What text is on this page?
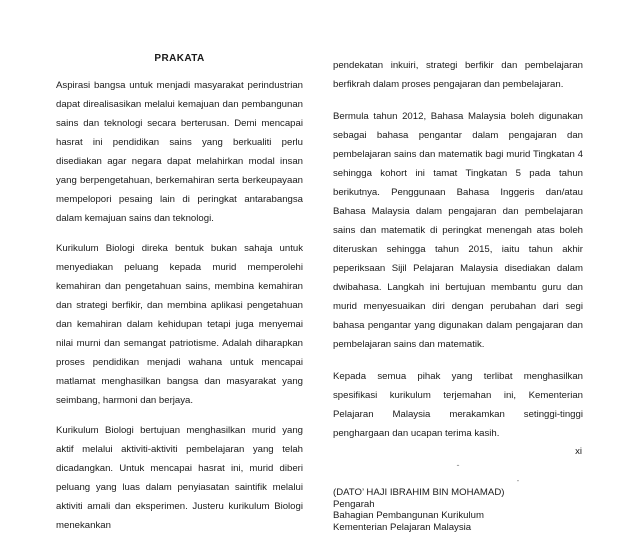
PRAKATA

Aspirasi bangsa untuk menjadi masyarakat perindustrian dapat direalisasikan melalui kemajuan dan pembangunan sains dan teknologi secara berterusan. Demi mencapai hasrat ini pendidikan sains yang berkualiti perlu disediakan agar negara dapat melahirkan modal insan yang berpengetahuan, berkemahiran serta berkeupayaan mempelopori pesaing lain di peringkat antarabangsa dalam kemajuan sains dan teknologi.

Kurikulum Biologi direka bentuk bukan sahaja untuk menyediakan peluang kepada murid memperolehi kemahiran dan pengetahuan sains, membina kemahiran dan strategi berfikir, dan membina aplikasi pengetahuan dan kemahiran dalam kehidupan tetapi juga menyemai nilai murni dan semangat patriotisme. Adalah diharapkan proses pendidikan menjadi wahana untuk mencapai matlamat menghasilkan bangsa dan masyarakat yang seimbang, harmoni dan berjaya.

Kurikulum Biologi bertujuan menghasilkan murid yang aktif melalui aktiviti-aktiviti pembelajaran yang telah dicadangkan. Untuk mencapai hasrat ini, murid diberi peluang yang luas dalam penyiasatan saintifik melalui aktiviti amali dan eksperimen. Justeru kurikulum Biologi menekankan

pendekatan inkuiri, strategi berfikir dan pembelajaran berfikrah dalam proses pengajaran dan pembelajaran.

Bermula tahun 2012, Bahasa Malaysia boleh digunakan sebagai bahasa pengantar dalam pengajaran dan pembelajaran sains dan matematik bagi murid Tingkatan 4 sehingga kohort ini tamat Tingkatan 5 pada tahun berikutnya. Penggunaan Bahasa Inggeris dan/atau Bahasa Malaysia dalam pengajaran dan pembelajaran sains dan matematik di peringkat menengah atas boleh diteruskan sehingga tahun 2015, iaitu tahun akhir peperiksaan Sijil Pelajaran Malaysia disediakan dalam dwibahasa. Langkah ini bertujuan membantu guru dan murid menyesuaikan diri dengan perubahan dari segi bahasa pengantar yang digunakan dalam pengajaran dan pembelajaran sains dan matematik.

Kepada semua pihak yang terlibat menghasilkan spesifikasi kurikulum terjemahan ini, Kementerian Pelajaran Malaysia merakamkan setinggi-tinggi penghargaan dan ucapan terima kasih.

-
-
(DATO’ HAJI IBRAHIM BIN MOHAMAD)
Pengarah
Bahagian Pembangunan Kurikulum
Kementerian Pelajaran Malaysia
xi
